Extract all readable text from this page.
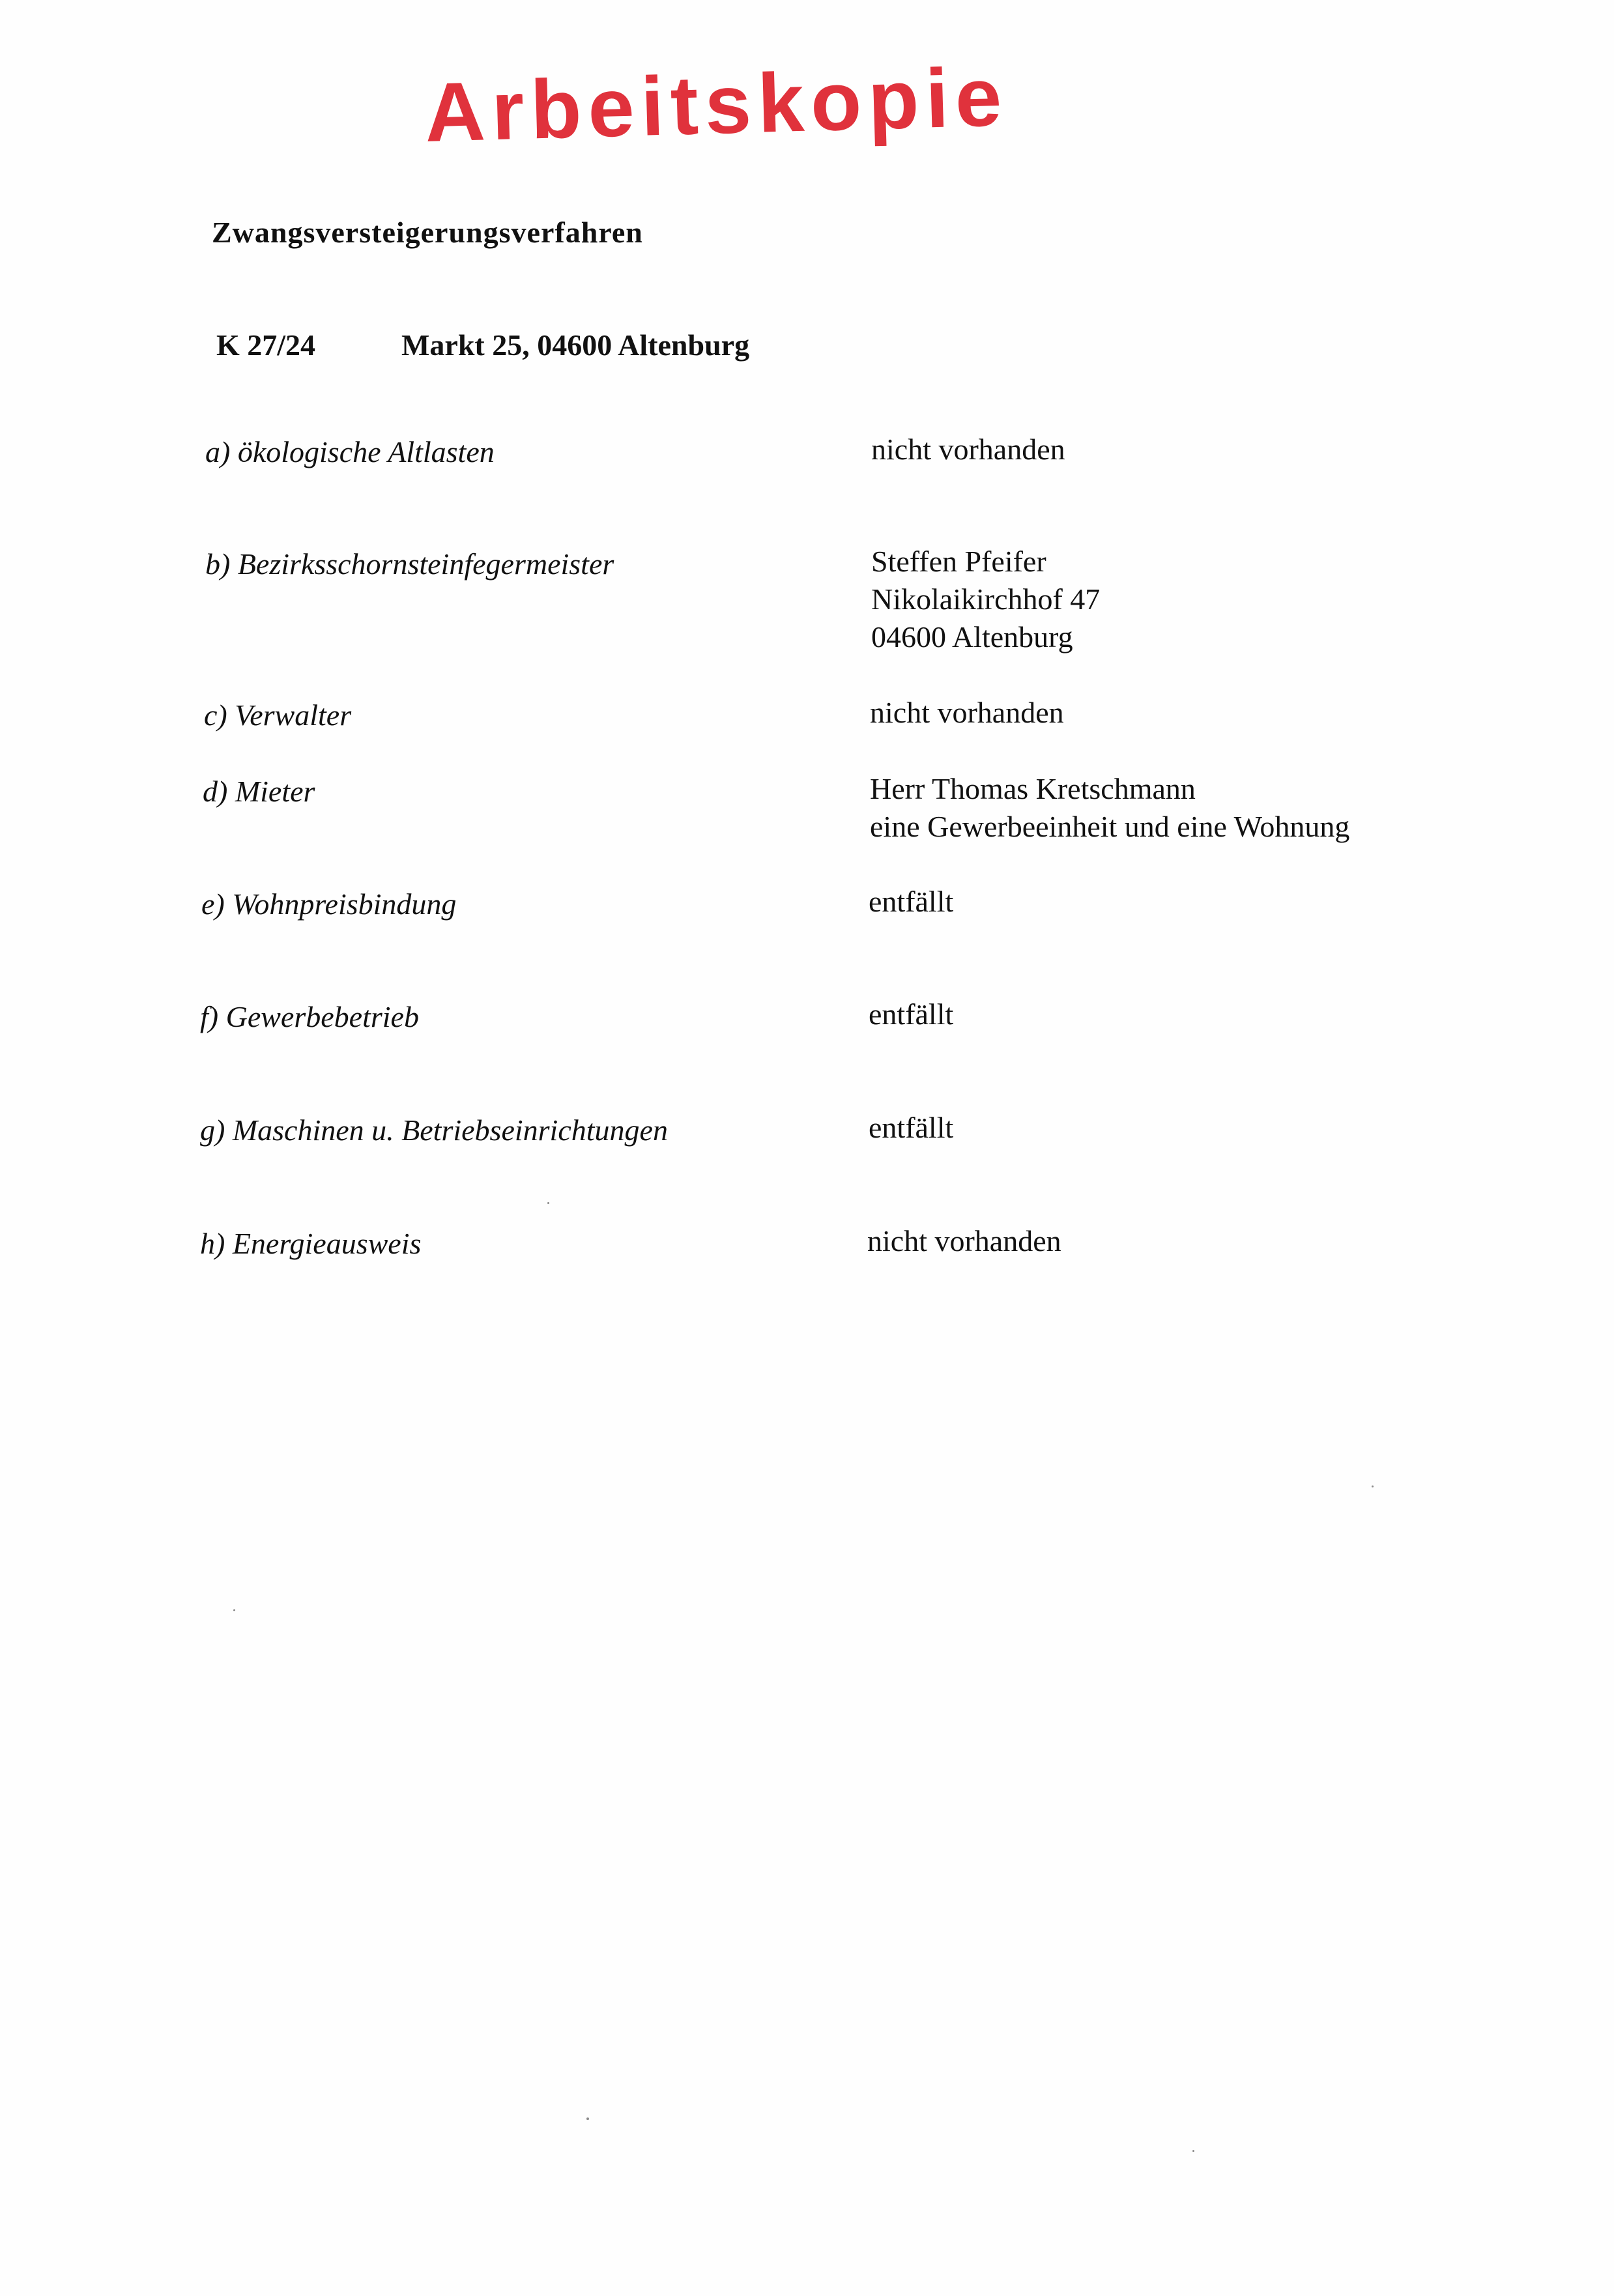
Arbeitskopie
Zwangsversteigerungsverfahren
K 27/24	Markt 25, 04600 Altenburg
a) ökologische Altlasten	nicht vorhanden
b) Bezirksschornsteinfegermeister	Steffen Pfeifer
Nikolaikirchhof 47
04600 Altenburg
c) Verwalter	nicht vorhanden
d) Mieter	Herr Thomas Kretschmann
eine Gewerbeeinheit und eine Wohnung
e) Wohnpreisbindung	entfällt
f) Gewerbebetrieb	entfällt
g) Maschinen u. Betriebseinrichtungen	entfällt
h) Energieausweis	nicht vorhanden
